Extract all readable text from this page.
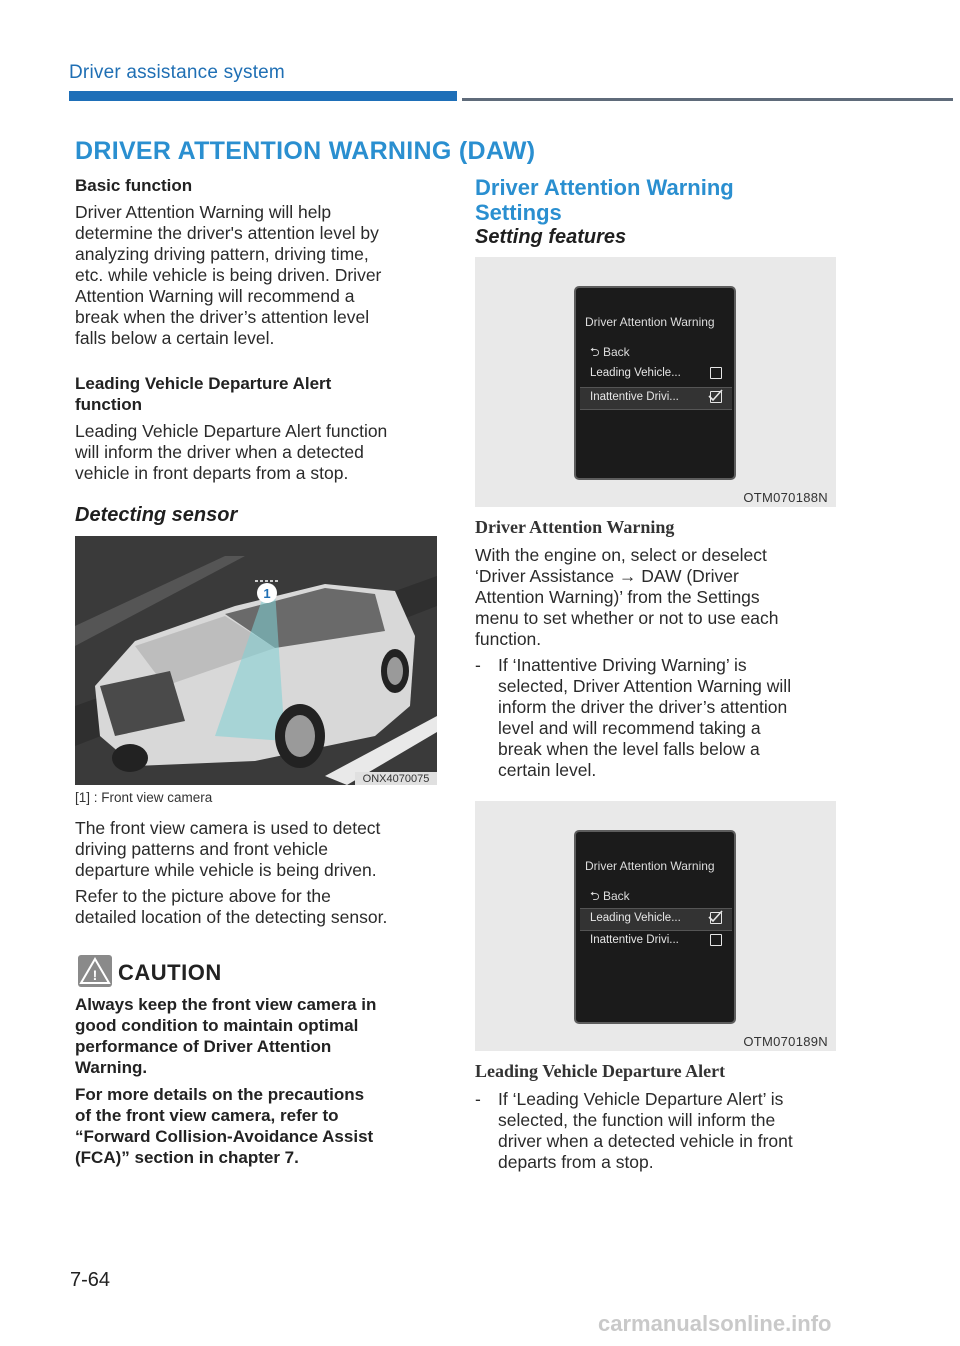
Driver assistance system
DRIVER ATTENTION WARNING (DAW)
Basic function
Driver Attention Warning will help
determine the driver's attention level by
analyzing driving pattern, driving time,
etc. while vehicle is being driven. Driver
Attention Warning will recommend a
break when the driver’s attention level
falls below a certain level.
Leading Vehicle Departure Alert
function
Leading Vehicle Departure Alert function
will inform the driver when a detected
vehicle in front departs from a stop.
Detecting sensor
1
ONX4070075
[1] : Front view camera
The front view camera is used to detect
driving patterns and front vehicle
departure while vehicle is being driven.
Refer to the picture above for the
detailed location of the detecting sensor.
! CAUTION
Always keep the front view camera in
good condition to maintain optimal
performance of Driver Attention
Warning.
For more details on the precautions
of the front view camera, refer to
“Forward Collision-Avoidance Assist
(FCA)” section in chapter 7.
Driver Attention Warning
Settings
Setting features
Driver Attention Warning
⮌ Back
Leading Vehicle...
Inattentive Drivi...
OTM070188N
Driver Attention Warning
With the engine on, select or deselect
‘Driver Assistance → DAW (Driver
Attention Warning)’ from the Settings
menu to set whether or not to use each
function.
- If ‘Inattentive Driving Warning’ is
selected, Driver Attention Warning will
inform the driver the driver’s attention
level and will recommend taking a
break when the level falls below a
certain level.
Driver Attention Warning
⮌ Back
Leading Vehicle...
Inattentive Drivi...
OTM070189N
Leading Vehicle Departure Alert
- If ‘Leading Vehicle Departure Alert’ is
selected, the function will inform the
driver when a detected vehicle in front
departs from a stop.
7-64
carmanualsonline.info
